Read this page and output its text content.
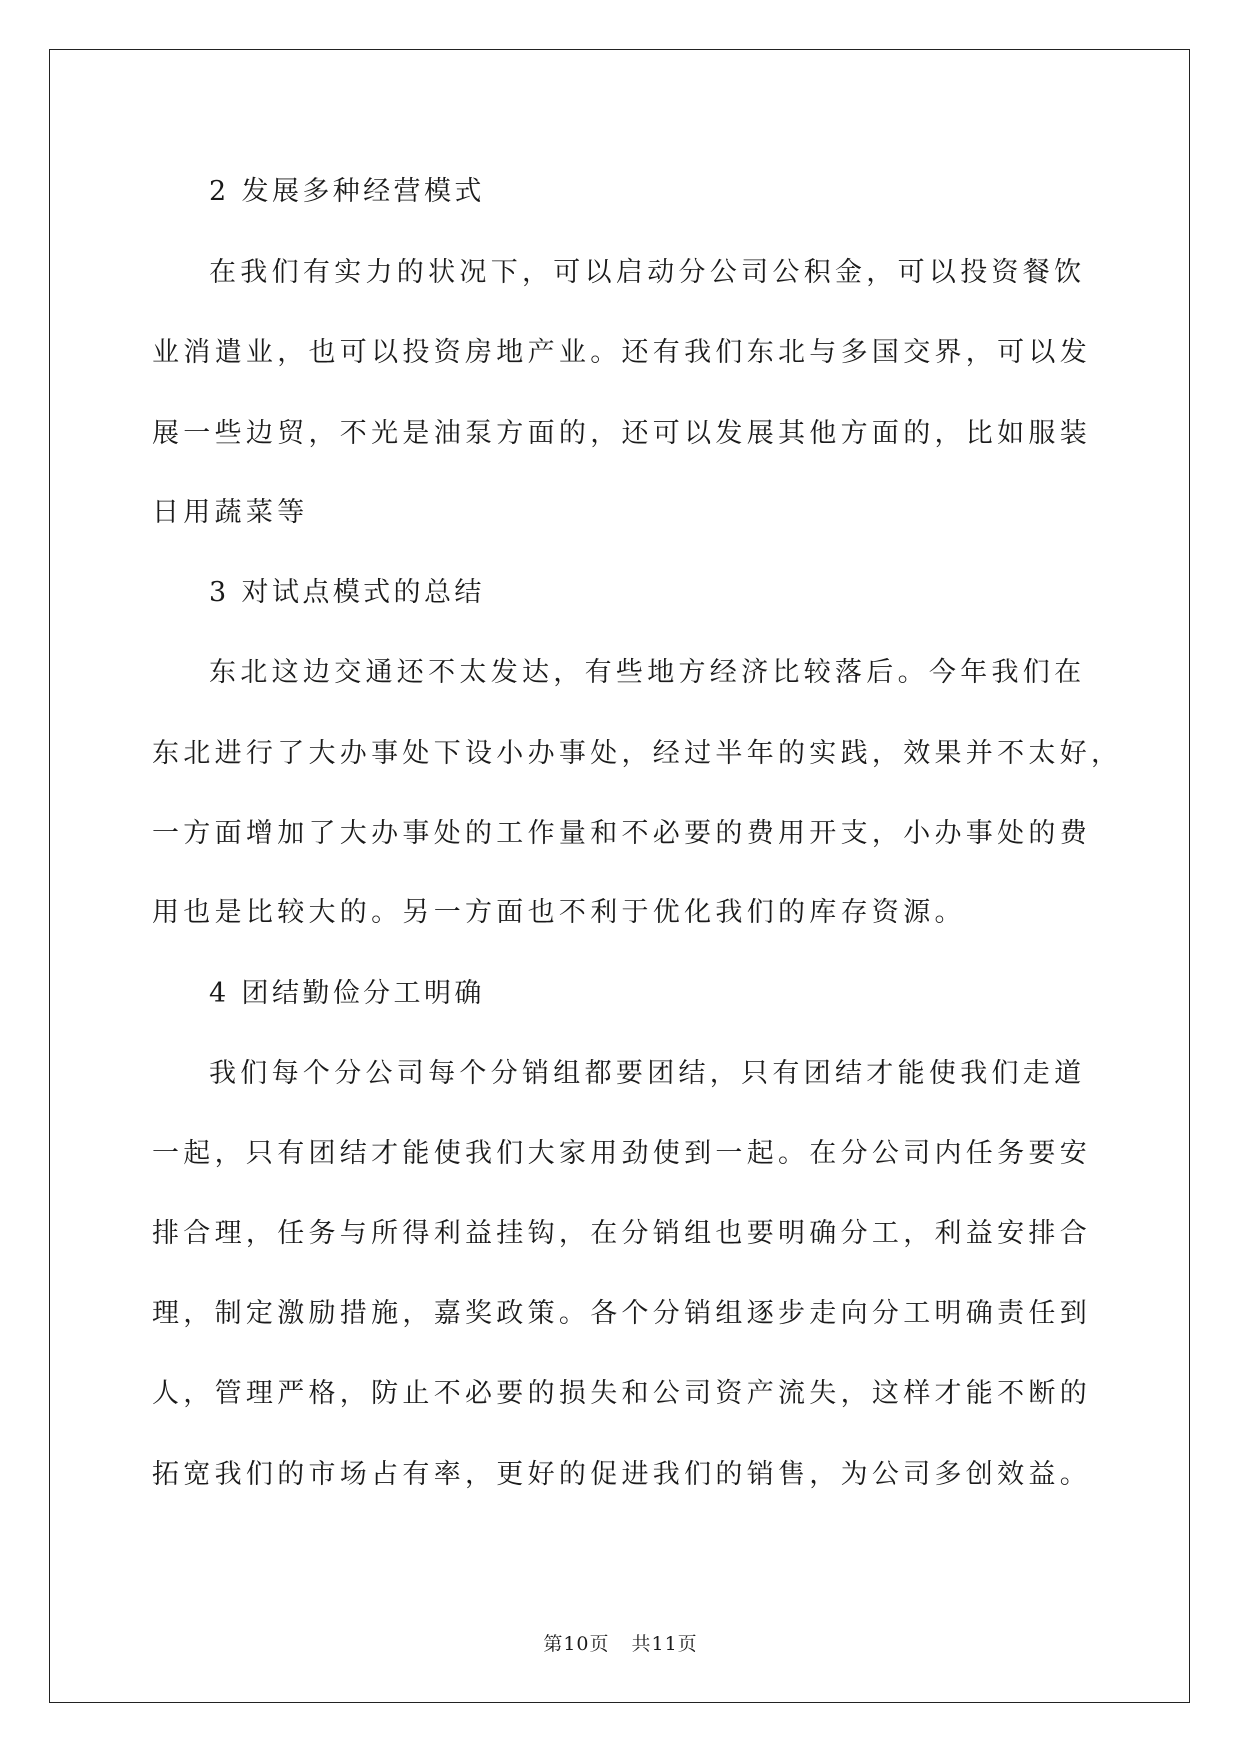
2 发展多种经营模式
在我们有实力的状况下，可以启动分公司公积金，可以投资餐饮
业消遣业，也可以投资房地产业。还有我们东北与多国交界，可以发
展一些边贸，不光是油泵方面的，还可以发展其他方面的，比如服装
日用蔬菜等
3 对试点模式的总结
东北这边交通还不太发达，有些地方经济比较落后。今年我们在
东北进行了大办事处下设小办事处，经过半年的实践，效果并不太好，
一方面增加了大办事处的工作量和不必要的费用开支，小办事处的费
用也是比较大的。另一方面也不利于优化我们的库存资源。
4 团结勤俭分工明确
我们每个分公司每个分销组都要团结，只有团结才能使我们走道
一起，只有团结才能使我们大家用劲使到一起。在分公司内任务要安
排合理，任务与所得利益挂钩，在分销组也要明确分工，利益安排合
理，制定激励措施，嘉奖政策。各个分销组逐步走向分工明确责任到
人，管理严格，防止不必要的损失和公司资产流失，这样才能不断的
拓宽我们的市场占有率，更好的促进我们的销售，为公司多创效益。
第10页 共11页
